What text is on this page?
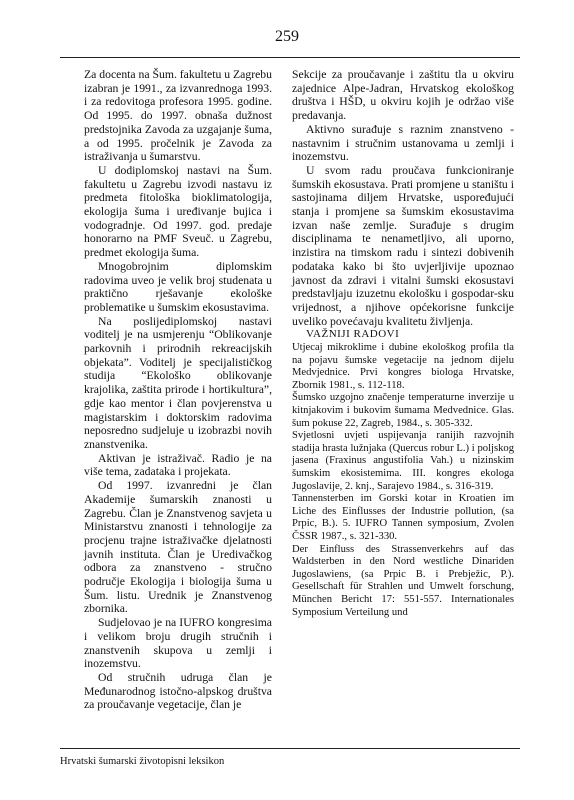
259

Za docenta na Šum. fakultetu u Zagrebu izabran je 1991., za izvanrednoga 1993. i za redovitoga profesora 1995. godine. Od 1995. do 1997. obnaša dužnost predstojnika Zavoda za uzgajanje šuma, a od 1995. pročelnik je Zavoda za istraživanja u šumarstvu.

U dodiplomskoj nastavi na Šum. fakultetu u Zagrebu izvodi nastavu iz predmeta fitološka bioklimatologija, ekologija šuma i uređivanje bujica i vodogradnje. Od 1997. god. predaje honorarno na PMF Sveuč. u Zagrebu, predmet ekologija šuma.

Mnogobrojnim diplomskim radovima uveo je velik broj studenata u praktično rješavanje ekološke problematike u šumskim ekosustavima.

Na poslijediplomskoj nastavi voditelj je na usmjerenju “Oblikovanje parkovnih i prirodnih rekreacijskih objekata”. Voditelj je specijalističkog studija “Ekološko oblikovanje krajolika, zaštita prirode i hortikultura”, gdje kao mentor i član povjerenstva u magistarskim i doktorskim radovima neposredno sudjeluje u izobrazbi novih znanstvenika.

Aktivan je istraživač. Radio je na više tema, zadataka i projekata.

Od 1997. izvanredni je član Akademije šumarskih znanosti u Zagrebu. Član je Znanstvenog savjeta u Ministarstvu znanosti i tehnologije za procjenu trajne istraživačke djelatnosti javnih instituta. Član je Uredivačkog odbora za znanstveno - stručno područje Ekologija i biologija šuma u Šum. listu. Urednik je Znanstvenog zbornika.

Sudjelovao je na IUFRO kongresima i velikom broju drugih stručnih i znanstvenih skupova u zemlji i inozemstvu.

Od stručnih udruga član je Međunarodnog istočno-alpskog društva za proučavanje vegetacije, član je

Sekcije za proučavanje i zaštitu tla u okviru zajednice Alpe-Jadran, Hrvatskog ekološkog društva i HŠD, u okviru kojih je održao više predavanja.

Aktivno surađuje s raznim znanstveno - nastavnim i stručnim ustanovama u zemlji i inozemstvu.

U svom radu proučava funkcioniranje šumskih ekosustava. Prati promjene u staništu i sastojinama diljem Hrvatske, uspoređujući stanja i promjene sa šumskim ekosustavima izvan naše zemlje. Surađuje s drugim disciplinama te nenametljivo, ali uporno, inzistira na timskom radu i sintezi dobivenih podataka kako bi što uvjerljivije upoznao javnost da zdravi i vitalni šumski ekosustavi predstavljaju izuzetnu ekološku i gospodar-sku vrijednost, a njihove općekorisne funkcije uveliko povećavaju kvalitetu življenja.

VAŽNIJI RADOVI

Utjecaj mikroklime i dubine ekološkog profila tla na pojavu šumske vegetacije na jednom dijelu Medvjednice. Prvi kongres biologa Hrvatske, Zbornik 1981., s. 112-118.

Šumsko uzgojno značenje temperaturne inverzije u kitnjakovim i bukovim šumama Medvednice. Glas. šum pokuse 22, Zagreb, 1984., s. 305-332.

Svjetlosni uvjeti uspijevanja ranijih razvojnih stadija hrasta lužnjaka (Quercus robur L.) i poljskog jasena (Fraxinus angustifolia Vah.) u nizinskim šumskim ekosistemima. III. kongres ekologa Jugoslavije, 2. knj., Sarajevo 1984., s. 316-319.

Tannensterben im Gorski kotar in Kroatien im Liche des Einflusses der Industrie pollution, (sa Prpic, B.). 5. IUFRO Tannen symposium, Zvolen ČSSR 1987., s. 321-330.

Der Einfluss des Strassenverkehrs auf das Waldsterben in den Nord westliche Dinariden Jugoslawiens, (sa Prpic B. i Prebježic, P.). Gesellschaft für Strahlen und Umwelt forschung, München Bericht 17: 551-557. Internationales Symposium Verteilung und

Hrvatski šumarski životopisni leksikon
